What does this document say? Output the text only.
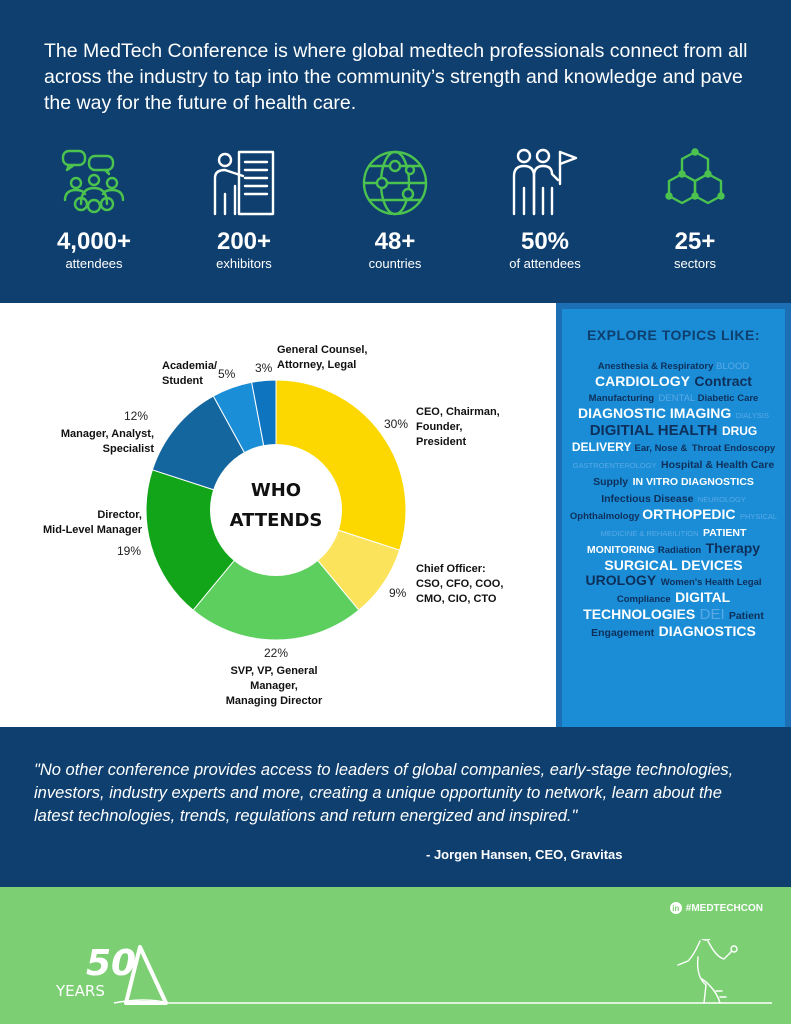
The MedTech Conference is where global medtech professionals connect from all across the industry to tap into the community’s strength and knowledge and pave the way for the future of health care.

4,000+
attendees
200+
exhibitors
48+
countries
50%
of attendees
25+
sectors
WHO
ATTENDS
CEO, Chairman,
Founder,
President
30%
Chief Officer:
CSO, CFO, COO,
CMO, CIO, CTO
9%
22%
SVP, VP, General
Manager,
Managing Director
Director,
Mid-Level Manager
19%
12%
Manager, Analyst,
Specialist
Academia/
Student	5% 3%
General Counsel,
Attorney, Legal
EXPLORE TOPICS LIKE:
Anesthesia & Respiratory BLOOD CARDIOLOGY Contract Manufacturing DENTAL Diabetic Care DIAGNOSTIC IMAGING DIALYSIS DIGITIAL HEALTH DRUG DELIVERY Ear, Nose & Throat Endoscopy GASTROENTEROLOGY Hospital & Health Care Supply IN VITRO DIAGNOSTICS Infectious Disease NEUROLOGY Ophthalmology ORTHOPEDIC PHYSICAL MEDICINE & REHABILITION PATIENT MONITORING Radiation Therapy SURGICAL DEVICES UROLOGY Women's Health Legal Compliance DIGITAL TECHNOLOGIES DEI Patient Engagement DIAGNOSTICS

"No other conference provides access to leaders of global companies, early-stage technologies, investors, industry experts and more, creating a unique opportunity to network, learn about the latest technologies, trends, regulations and return energized and inspired."

- Jorgen Hansen, CEO, Gravitas
in #MEDTECHCON
50
YEARS
